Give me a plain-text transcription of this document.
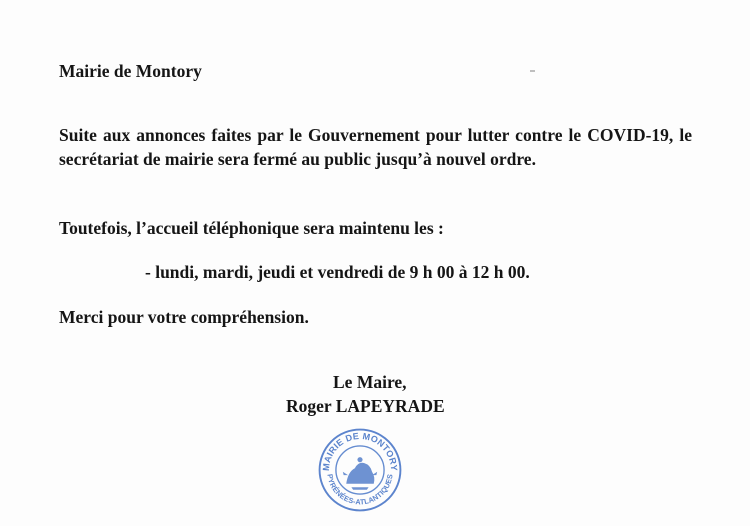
Mairie de Montory

Suite aux annonces faites par le Gouvernement pour lutter contre le COVID-19, le secrétariat de mairie sera fermé au public jusqu’à nouvel ordre.

Toutefois, l’accueil téléphonique sera maintenu les :

- lundi, mardi, jeudi et vendredi de 9 h 00 à 12 h 00.

Merci pour votre compréhension.

Le Maire,

Roger LAPEYRADE

MAIRIE DE MONTORY
PYRÉNÉES-ATLANTIQUES
